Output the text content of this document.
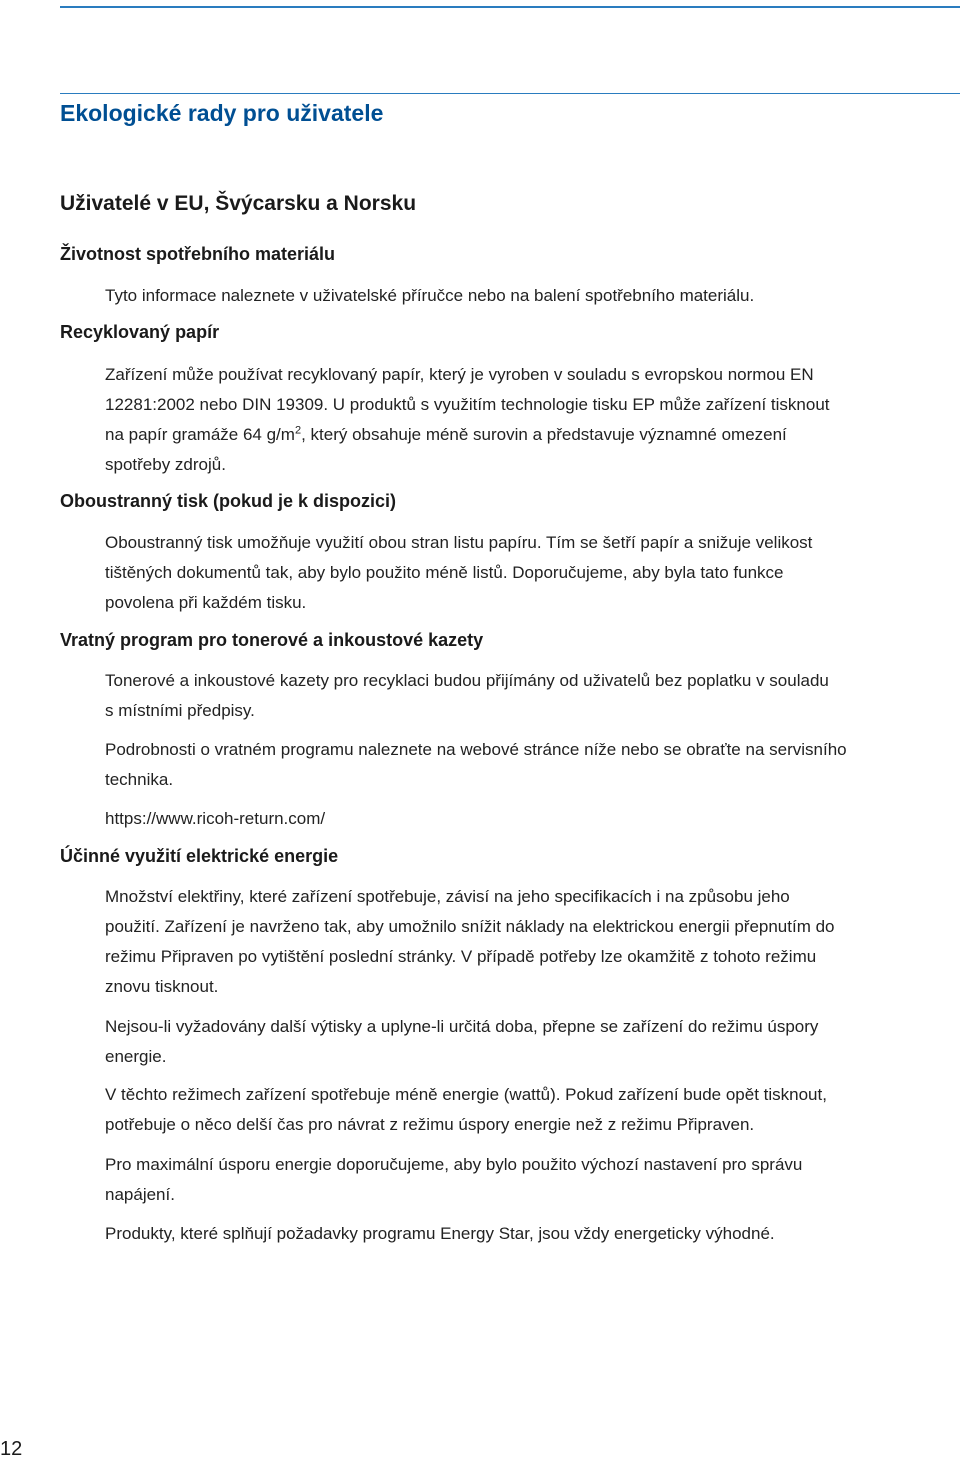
Ekologické rady pro uživatele
Uživatelé v EU, Švýcarsku a Norsku
Životnost spotřebního materiálu

Tyto informace naleznete v uživatelské příručce nebo na balení spotřebního materiálu.

Recyklovaný papír

Zařízení může používat recyklovaný papír, který je vyroben v souladu s evropskou normou EN

12281:2002 nebo DIN 19309. U produktů s využitím technologie tisku EP může zařízení tisknout

na papír gramáže 64 $g/m^2$, který obsahuje méně surovin a představuje významné omezení

spotřeby zdrojů.

Oboustranný tisk (pokud je k dispozici)

Oboustranný tisk umožňuje využití obou stran listu papíru. Tím se šetří papír a snižuje velikost

tištěných dokumentů tak, aby bylo použito méně listů. Doporučujeme, aby byla tato funkce

povolena při každém tisku.

Vratný program pro tonerové a inkoustové kazety

Tonerové a inkoustové kazety pro recyklaci budou přijímány od uživatelů bez poplatku v souladu

s místními předpisy.

Podrobnosti o vratném programu naleznete na webové stránce níže nebo se obraťte na servisního

technika.

https://www.ricoh-return.com/

Účinné využití elektrické energie

Množství elektřiny, které zařízení spotřebuje, závisí na jeho specifikacích i na způsobu jeho

použití. Zařízení je navrženo tak, aby umožnilo snížit náklady na elektrickou energii přepnutím do

režimu Připraven po vytištění poslední stránky. V případě potřeby lze okamžitě z tohoto režimu

znovu tisknout.

Nejsou-li vyžadovány další výtisky a uplyne-li určitá doba, přepne se zařízení do režimu úspory

energie.

V těchto režimech zařízení spotřebuje méně energie (wattů). Pokud zařízení bude opět tisknout,

potřebuje o něco delší čas pro návrat z režimu úspory energie než z režimu Připraven.

Pro maximální úsporu energie doporučujeme, aby bylo použito výchozí nastavení pro správu

napájení.

Produkty, které splňují požadavky programu Energy Star, jsou vždy energeticky výhodné.

12
